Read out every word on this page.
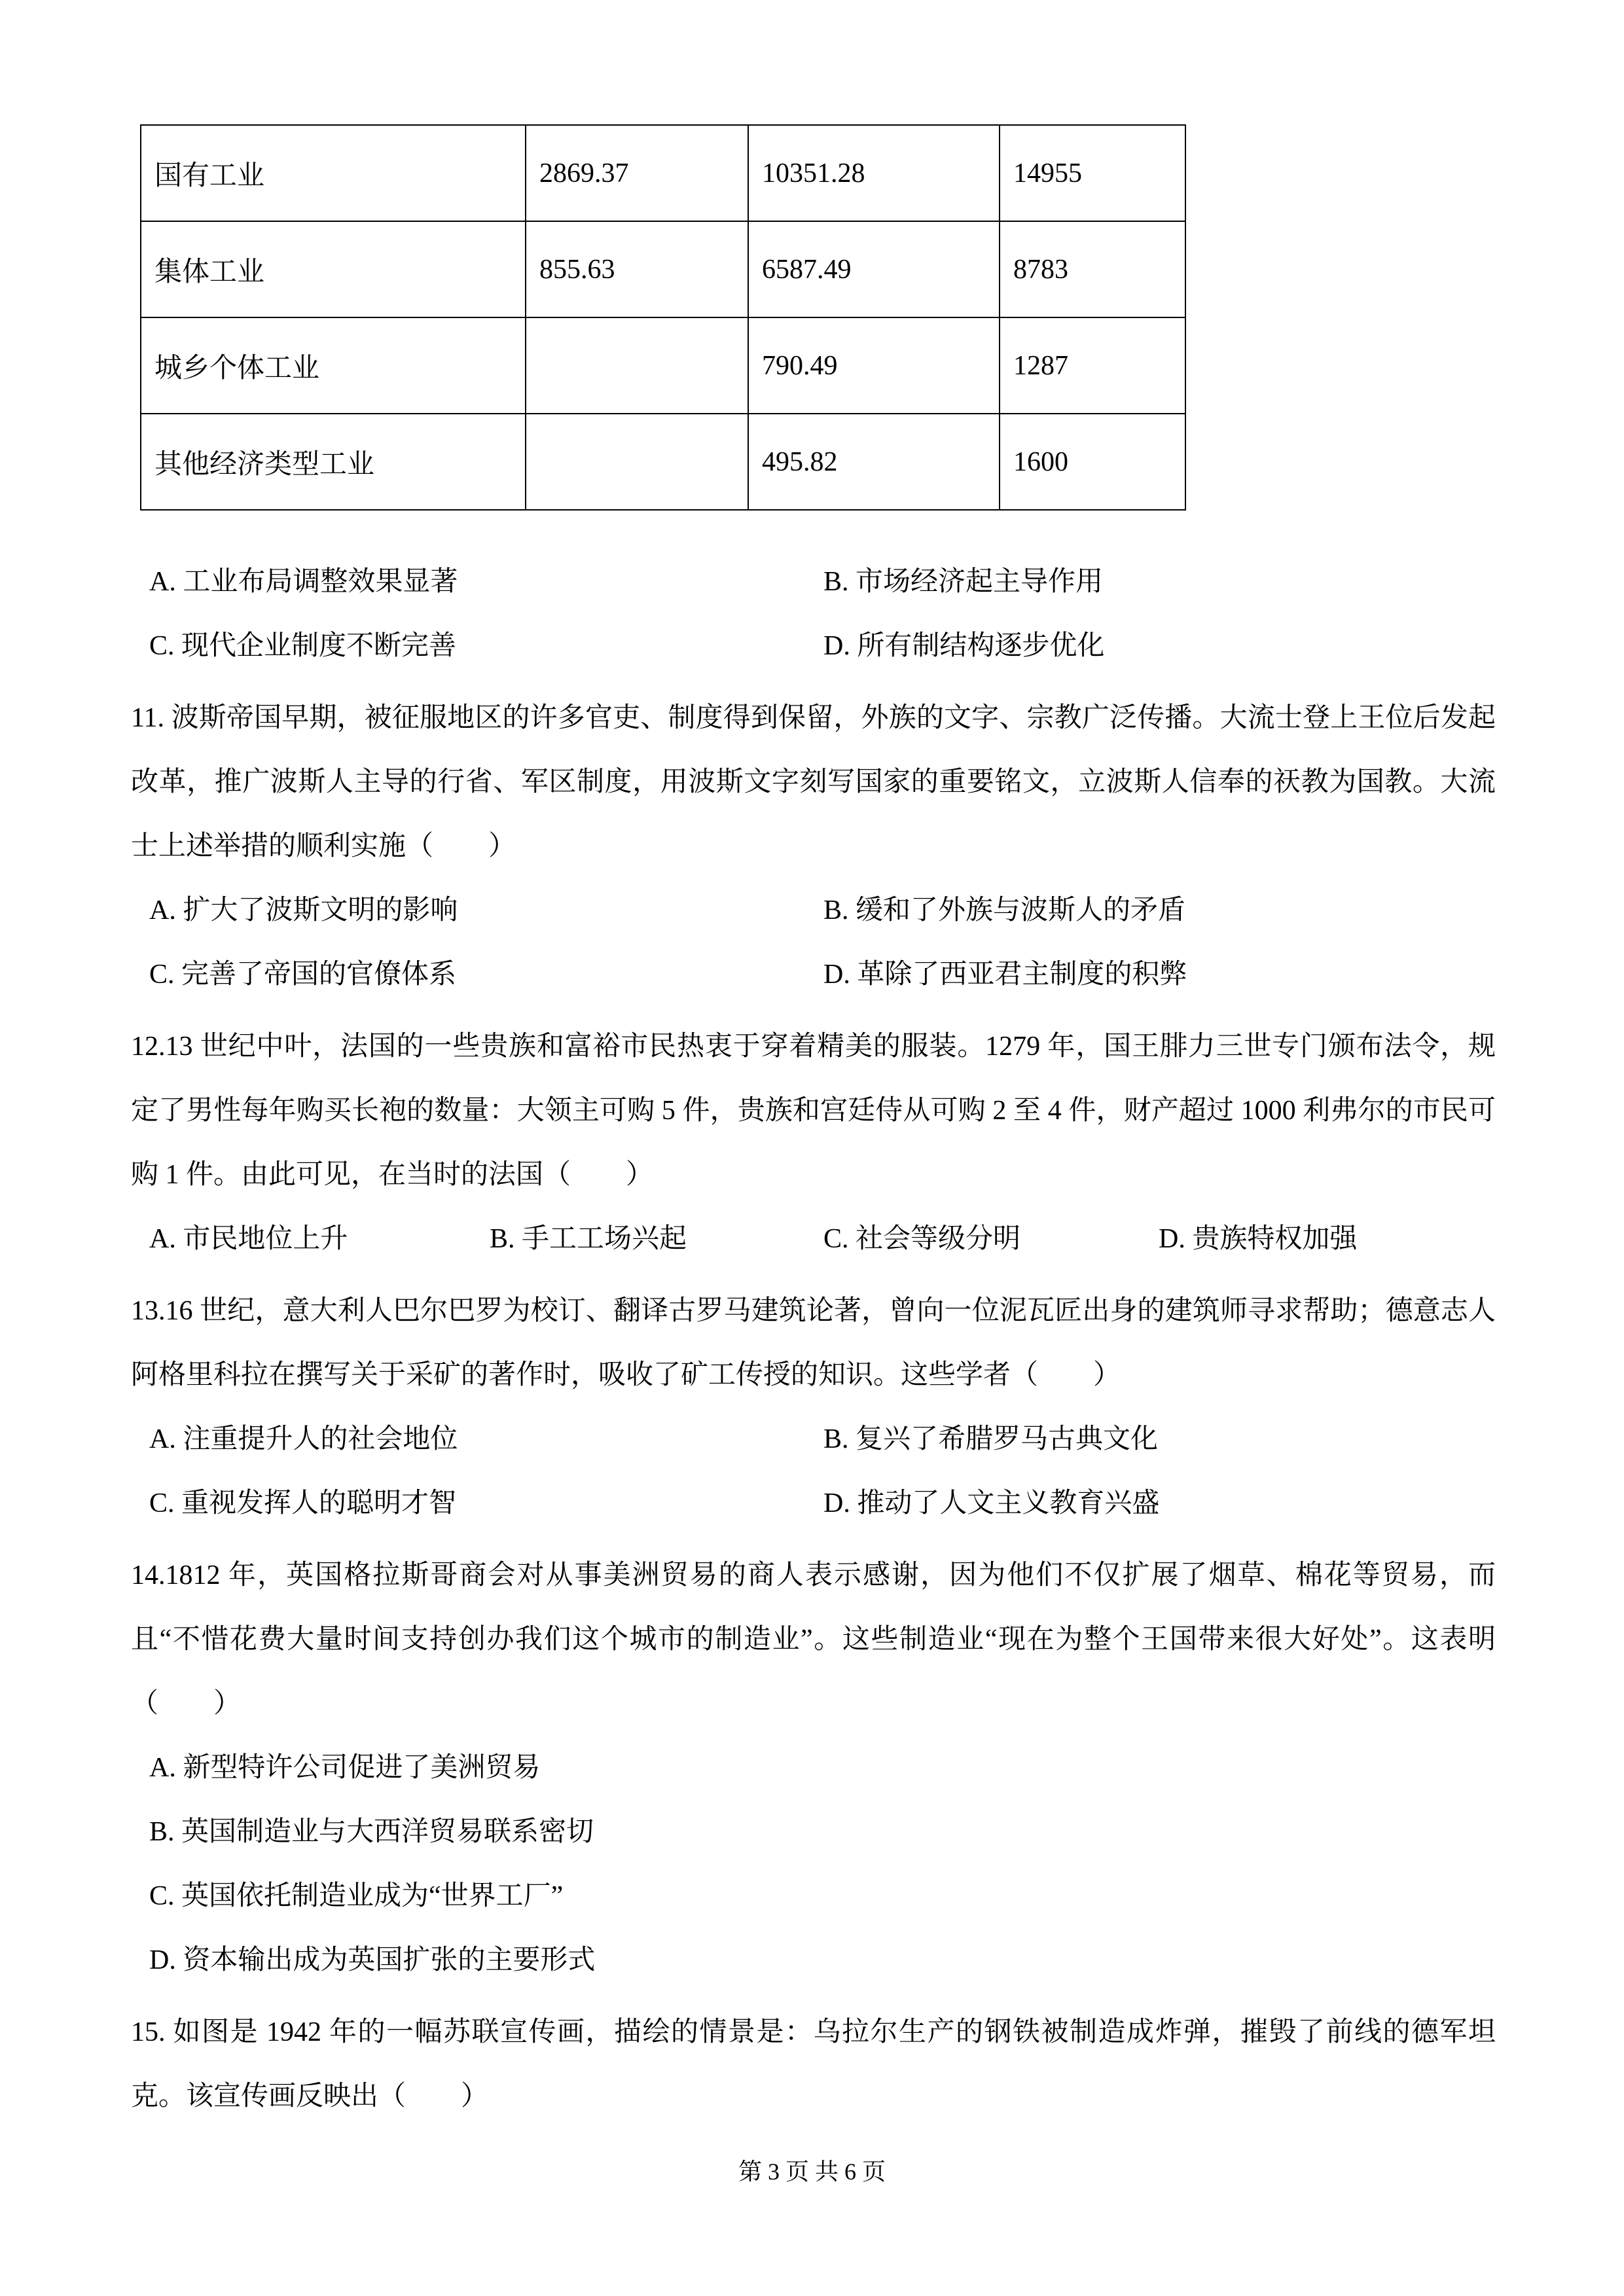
国有工业	2869.37	10351.28	14955
集体工业	855.63	6587.49	8783
城乡个体工业		790.49	1287
其他经济类型工业		495.82	1600
A. 工业布局调整效果显著	B. 市场经济起主导作用
C. 现代企业制度不断完善	D. 所有制结构逐步优化

11. 波斯帝国早期，被征服地区的许多官吏、制度得到保留，外族的文字、宗教广泛传播。大流士登上王位后发起改革，推广波斯人主导的行省、军区制度，用波斯文字刻写国家的重要铭文，立波斯人信奉的祆教为国教。大流士上述举措的顺利实施（　　）

A. 扩大了波斯文明的影响	B. 缓和了外族与波斯人的矛盾
C. 完善了帝国的官僚体系	D. 革除了西亚君主制度的积弊

12.13 世纪中叶，法国的一些贵族和富裕市民热衷于穿着精美的服装。1279 年，国王腓力三世专门颁布法令，规定了男性每年购买长袍的数量：大领主可购 5 件，贵族和宫廷侍从可购 2 至 4 件，财产超过 1000 利弗尔的市民可购 1 件。由此可见，在当时的法国（　　）

A. 市民地位上升	B. 手工工场兴起	C. 社会等级分明	D. 贵族特权加强

13.16 世纪，意大利人巴尔巴罗为校订、翻译古罗马建筑论著，曾向一位泥瓦匠出身的建筑师寻求帮助；德意志人阿格里科拉在撰写关于采矿的著作时，吸收了矿工传授的知识。这些学者（　　）

A. 注重提升人的社会地位	B. 复兴了希腊罗马古典文化
C. 重视发挥人的聪明才智	D. 推动了人文主义教育兴盛

14.1812 年，英国格拉斯哥商会对从事美洲贸易的商人表示感谢，因为他们不仅扩展了烟草、棉花等贸易，而且“不惜花费大量时间支持创办我们这个城市的制造业”。这些制造业“现在为整个王国带来很大好处”。这表明（　　）

A. 新型特许公司促进了美洲贸易
B. 英国制造业与大西洋贸易联系密切
C. 英国依托制造业成为“世界工厂”
D. 资本输出成为英国扩张的主要形式

15. 如图是 1942 年的一幅苏联宣传画，描绘的情景是：乌拉尔生产的钢铁被制造成炸弹，摧毁了前线的德军坦克。该宣传画反映出（　　）

第 3 页 共 6 页
